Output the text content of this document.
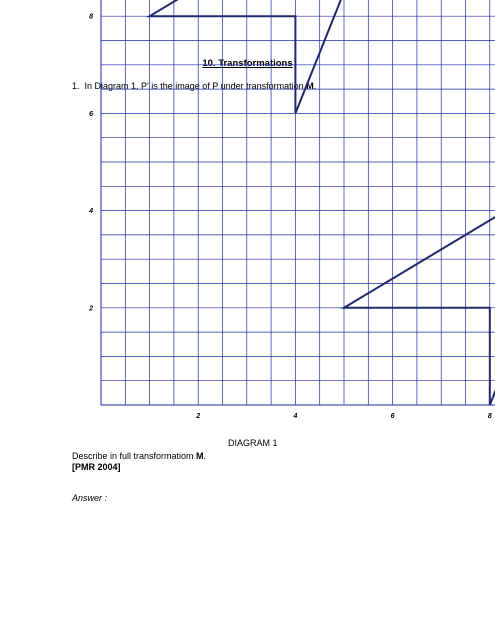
10. Transformations
1. In Diagram 1, P' is the image of P under transformation M.
2	4	6	8
2
4
6
8
DIAGRAM 1
Describe in full transformatiom M.
[PMR 2004]
Answer :
